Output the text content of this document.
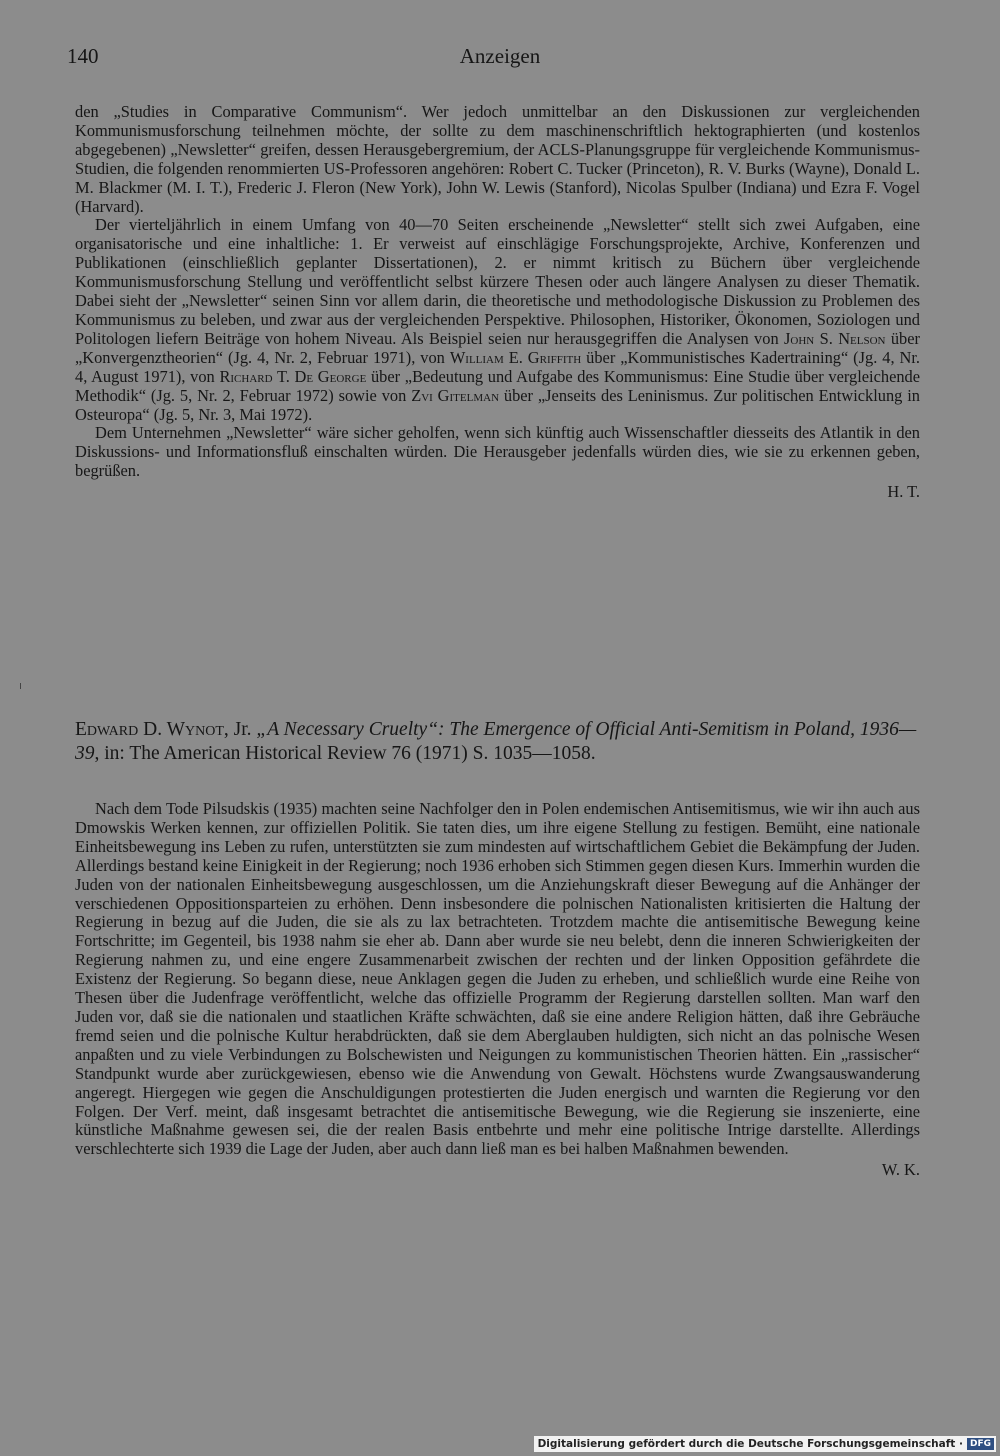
140	Anzeigen

den „Studies in Comparative Communism“. Wer jedoch unmittelbar an den Diskussionen zur vergleichenden Kommunismusforschung teilnehmen möchte, der sollte zu dem maschinenschriftlich hektographierten (und kostenlos abgegebenen) „Newsletter“ greifen, dessen Herausgebergremium, der ACLS-Planungsgruppe für vergleichende Kommunismus-Studien, die folgenden renommierten US-Professoren angehören: Robert C. Tucker (Princeton), R. V. Burks (Wayne), Donald L. M. Blackmer (M. I. T.), Frederic J. Fleron (New York), John W. Lewis (Stanford), Nicolas Spulber (Indiana) und Ezra F. Vogel (Harvard).

Der vierteljährlich in einem Umfang von 40—70 Seiten erscheinende „Newsletter“ stellt sich zwei Aufgaben, eine organisatorische und eine inhaltliche: 1. Er verweist auf einschlägige Forschungsprojekte, Archive, Konferenzen und Publikationen (einschließlich geplanter Dissertationen), 2. er nimmt kritisch zu Büchern über vergleichende Kommunismusforschung Stellung und veröffentlicht selbst kürzere Thesen oder auch längere Analysen zu dieser Thematik. Dabei sieht der „Newsletter“ seinen Sinn vor allem darin, die theoretische und methodologische Diskussion zu Problemen des Kommunismus zu beleben, und zwar aus der vergleichenden Perspektive. Philosophen, Historiker, Ökonomen, Soziologen und Politologen liefern Beiträge von hohem Niveau. Als Beispiel seien nur herausgegriffen die Analysen von John S. Nelson über „Konvergenztheorien“ (Jg. 4, Nr. 2, Februar 1971), von William E. Griffith über „Kommunistisches Kadertraining“ (Jg. 4, Nr. 4, August 1971), von Richard T. De George über „Bedeutung und Aufgabe des Kommunismus: Eine Studie über vergleichende Methodik“ (Jg. 5, Nr. 2, Februar 1972) sowie von Zvi Gitelman über „Jenseits des Leninismus. Zur politischen Entwicklung in Osteuropa“ (Jg. 5, Nr. 3, Mai 1972).

Dem Unternehmen „Newsletter“ wäre sicher geholfen, wenn sich künftig auch Wissenschaftler diesseits des Atlantik in den Diskussions- und Informationsfluß einschalten würden. Die Herausgeber jedenfalls würden dies, wie sie zu erkennen geben, begrüßen.

H. T.
Edward D. Wynot, Jr. „A Necessary Cruelty“: The Emergence of Official Anti-Semitism in Poland, 1936—39, in: The American Historical Review 76 (1971) S. 1035—1058.

Nach dem Tode Pilsudskis (1935) machten seine Nachfolger den in Polen endemischen Antisemitismus, wie wir ihn auch aus Dmowskis Werken kennen, zur offiziellen Politik. Sie taten dies, um ihre eigene Stellung zu festigen. Bemüht, eine nationale Einheitsbewegung ins Leben zu rufen, unterstützten sie zum mindesten auf wirtschaftlichem Gebiet die Bekämpfung der Juden. Allerdings bestand keine Einigkeit in der Regierung; noch 1936 erhoben sich Stimmen gegen diesen Kurs. Immerhin wurden die Juden von der nationalen Einheitsbewegung ausgeschlossen, um die Anziehungskraft dieser Bewegung auf die Anhänger der verschiedenen Oppositionsparteien zu erhöhen. Denn insbesondere die polnischen Nationalisten kritisierten die Haltung der Regierung in bezug auf die Juden, die sie als zu lax betrachteten. Trotzdem machte die antisemitische Bewegung keine Fortschritte; im Gegenteil, bis 1938 nahm sie eher ab. Dann aber wurde sie neu belebt, denn die inneren Schwierigkeiten der Regierung nahmen zu, und eine engere Zusammenarbeit zwischen der rechten und der linken Opposition gefährdete die Existenz der Regierung. So begann diese, neue Anklagen gegen die Juden zu erheben, und schließlich wurde eine Reihe von Thesen über die Judenfrage veröffentlicht, welche das offizielle Programm der Regierung darstellen sollten. Man warf den Juden vor, daß sie die nationalen und staatlichen Kräfte schwächten, daß sie eine andere Religion hätten, daß ihre Gebräuche fremd seien und die polnische Kultur herabdrückten, daß sie dem Aberglauben huldigten, sich nicht an das polnische Wesen anpaßten und zu viele Verbindungen zu Bolschewisten und Neigungen zu kommunistischen Theorien hätten. Ein „rassischer“ Standpunkt wurde aber zurückgewiesen, ebenso wie die Anwendung von Gewalt. Höchstens wurde Zwangsauswanderung angeregt. Hiergegen wie gegen die Anschuldigungen protestierten die Juden energisch und warnten die Regierung vor den Folgen. Der Verf. meint, daß insgesamt betrachtet die antisemitische Bewegung, wie die Regierung sie inszenierte, eine künstliche Maßnahme gewesen sei, die der realen Basis entbehrte und mehr eine politische Intrige darstellte. Allerdings verschlechterte sich 1939 die Lage der Juden, aber auch dann ließ man es bei halben Maßnahmen bewenden.

W. K.
Digitalisierung gefördert durch die Deutsche Forschungsgemeinschaft · DFG
